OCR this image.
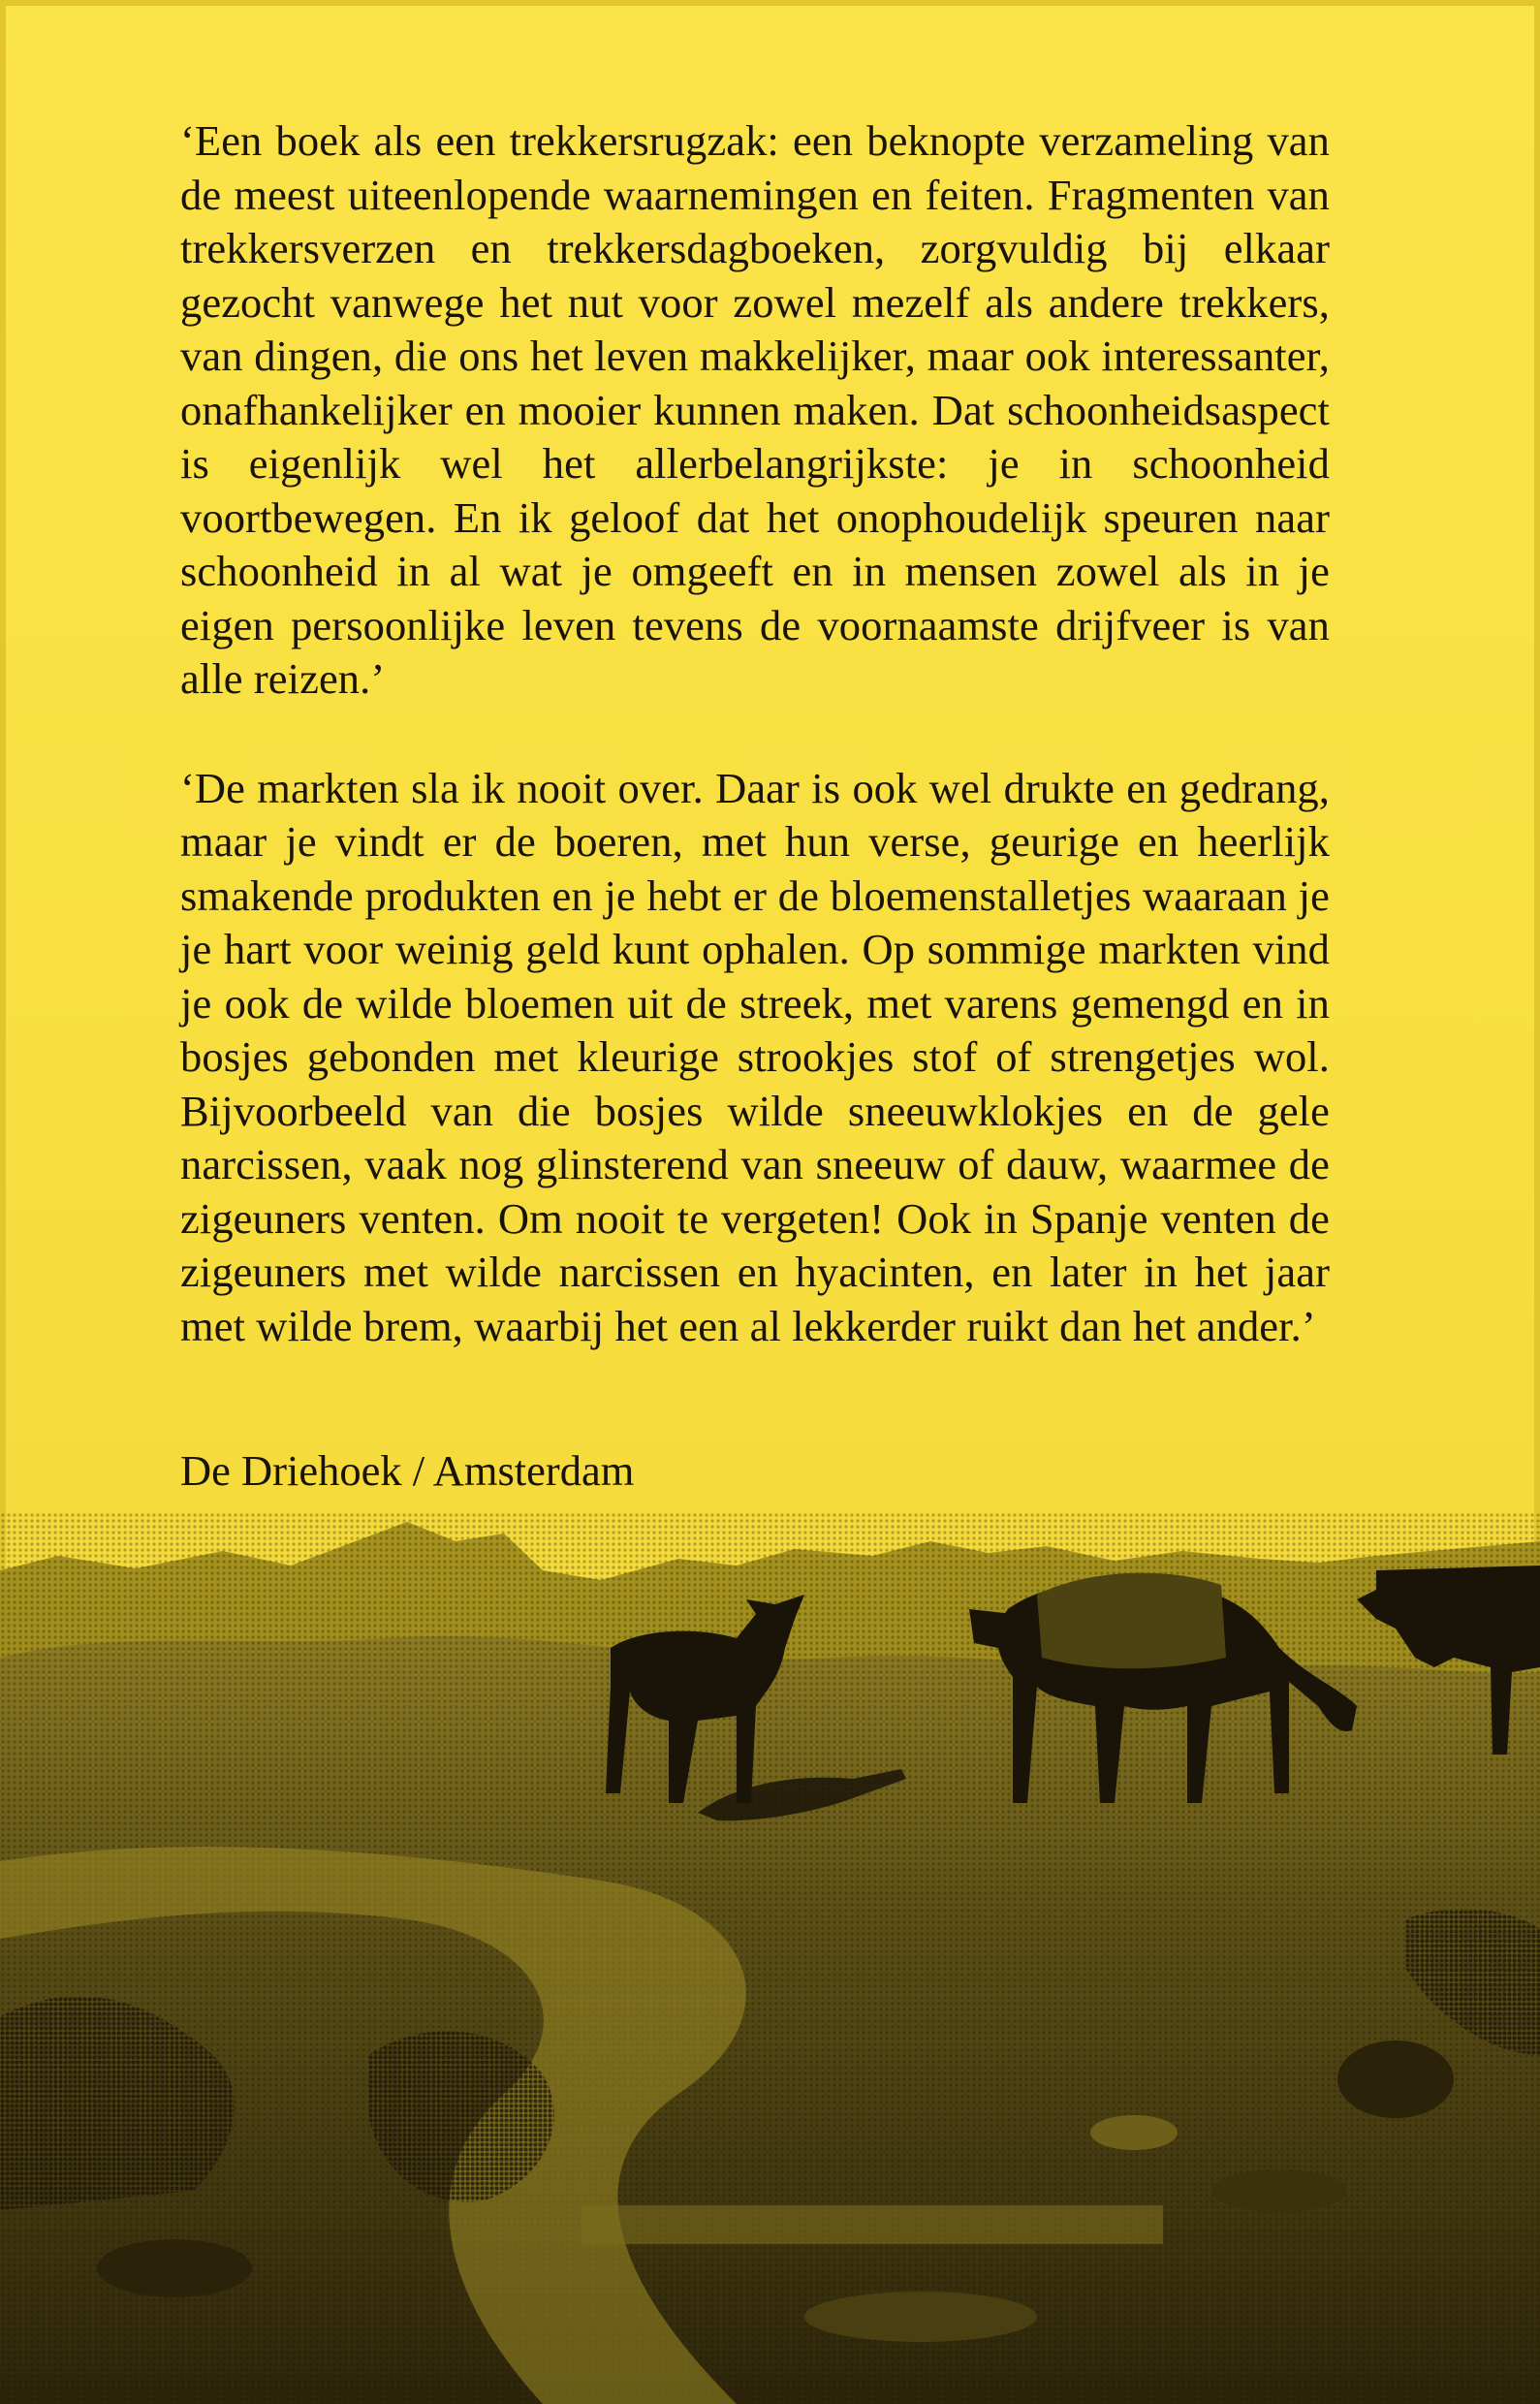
‘Een boek als een trekkersrugzak: een beknopte verzameling van de meest uiteenlopende waarnemingen en feiten. Fragmenten van trekkersverzen en trekkersdagboeken, zorgvuldig bij elkaar gezocht vanwege het nut voor zowel mezelf als andere trekkers, van dingen, die ons het leven makkelijker, maar ook interessanter, onafhankelijker en mooier kunnen maken. Dat schoonheidsaspect is eigenlijk wel het allerbelangrijkste: je in schoonheid voortbewegen. En ik geloof dat het onophoudelijk speuren naar schoonheid in al wat je omgeeft en in mensen zowel als in je eigen persoonlijke leven tevens de voornaamste drijfveer is van alle reizen.’

‘De markten sla ik nooit over. Daar is ook wel drukte en gedrang, maar je vindt er de boeren, met hun verse, geurige en heerlijk smakende produkten en je hebt er de bloemenstalletjes waaraan je je hart voor weinig geld kunt ophalen. Op sommige markten vind je ook de wilde bloemen uit de streek, met varens gemengd en in bosjes gebonden met kleurige strookjes stof of strengetjes wol. Bijvoorbeeld van die bosjes wilde sneeuwklokjes en de gele narcissen, vaak nog glinsterend van sneeuw of dauw, waarmee de zigeuners venten. Om nooit te vergeten! Ook in Spanje venten de zigeuners met wilde narcissen en hyacinten, en later in het jaar met wilde brem, waarbij het een al lekkerder ruikt dan het ander.’

De Driehoek / Amsterdam
